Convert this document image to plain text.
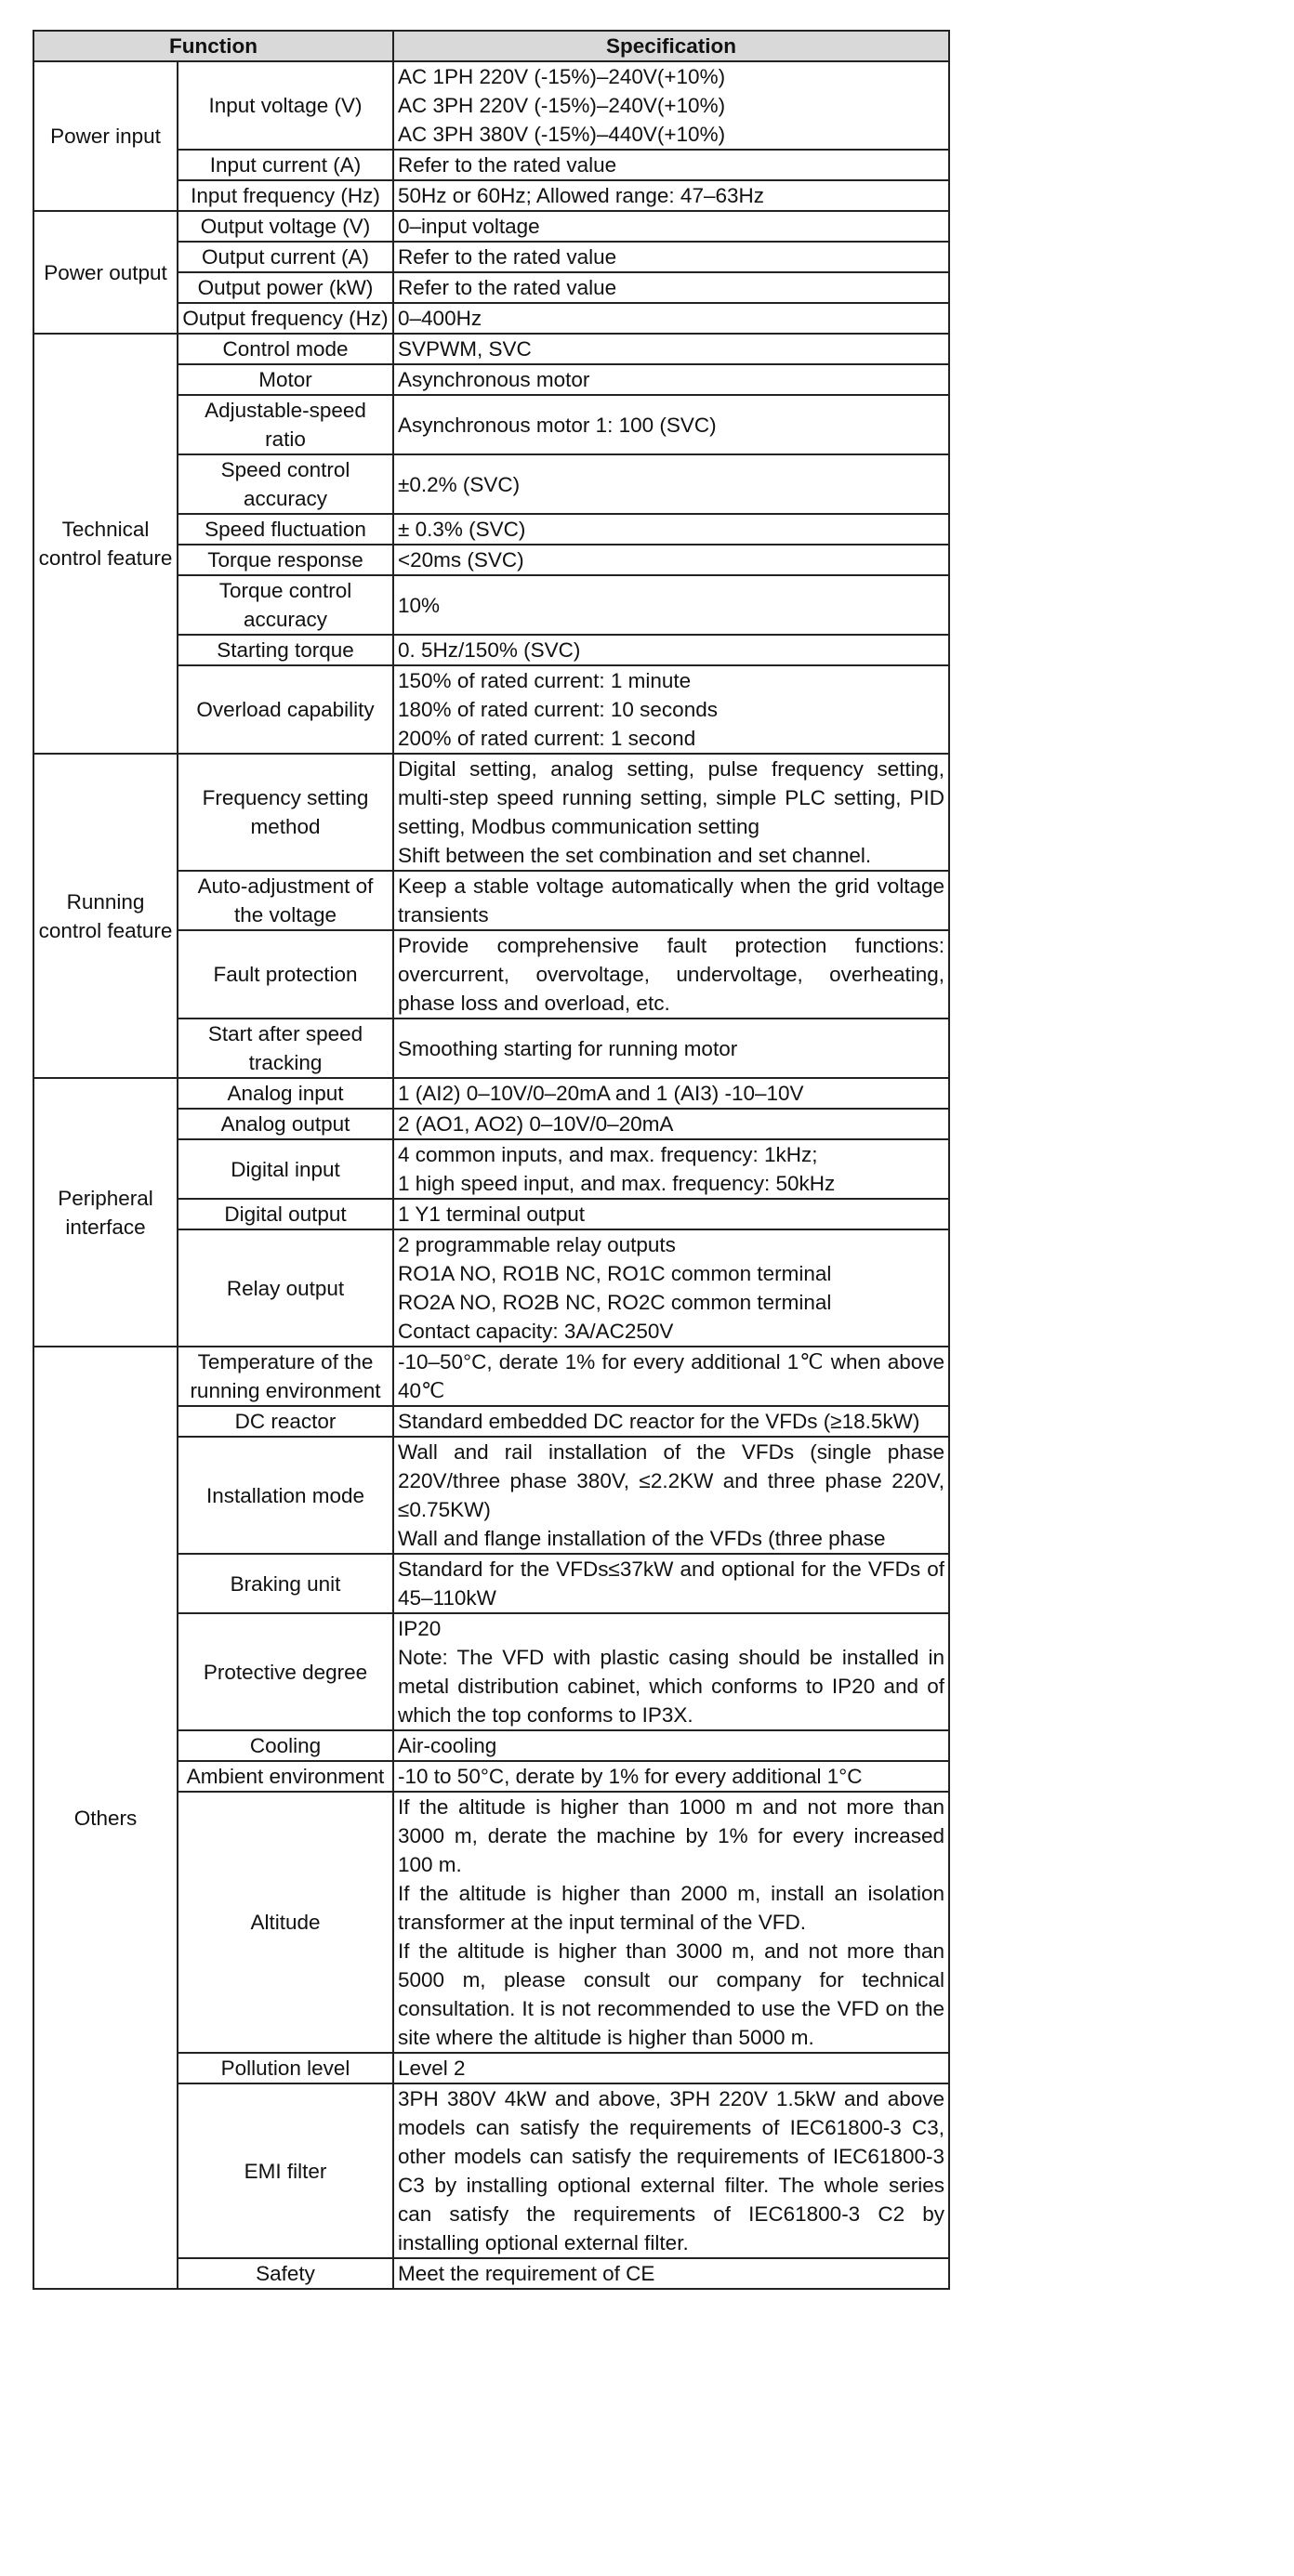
Function		Specification
Power input	Input voltage (V)	AC 1PH 220V (-15%)–240V(+10%)
AC 3PH 220V (-15%)–240V(+10%)
AC 3PH 380V (-15%)–440V(+10%)

	Input current (A)	Refer to the rated value

	Input frequency (Hz)	50Hz or 60Hz; Allowed range: 47–63Hz

Power output	Output voltage (V)	0–input voltage

	Output current (A)	Refer to the rated value

	Output power (kW)	Refer to the rated value

	Output frequency (Hz)	0–400Hz

Technical control feature	Control mode	SVPWM, SVC

	Motor	Asynchronous motor

	Adjustable-speed ratio	Asynchronous motor 1: 100 (SVC)

	Speed control accuracy	±0.2% (SVC)

	Speed fluctuation	± 0.3% (SVC)

	Torque response	<20ms (SVC)

	Torque control accuracy	10%

	Starting torque	0. 5Hz/150% (SVC)

	Overload capability	150% of rated current: 1 minute
180% of rated current: 10 seconds
200% of rated current: 1 second

Running control feature	Frequency setting method	Digital setting, analog setting, pulse frequency setting, multi-step speed running setting, simple PLC setting, PID setting, Modbus communication setting
Shift between the set combination and set channel.

	Auto-adjustment of the voltage	Keep a stable voltage automatically when the grid voltage transients

	Fault protection	Provide comprehensive fault protection functions: overcurrent, overvoltage, undervoltage, overheating, phase loss and overload, etc.

	Start after speed tracking	Smoothing starting for running motor

Peripheral interface	Analog input	1 (AI2) 0–10V/0–20mA and 1 (AI3) -10–10V

	Analog output	2 (AO1, AO2) 0–10V/0–20mA

	Digital input	4 common inputs, and max. frequency: 1kHz;
1 high speed input, and max. frequency: 50kHz

	Digital output	1 Y1 terminal output

	Relay output	2 programmable relay outputs
RO1A NO, RO1B NC, RO1C common terminal
RO2A NO, RO2B NC, RO2C common terminal
Contact capacity: 3A/AC250V

Others	Temperature of the running environment	-10–50°C, derate 1% for every additional 1℃ when above 40℃

	DC reactor	Standard embedded DC reactor for the VFDs (≥18.5kW)

	Installation mode	Wall and rail installation of the VFDs (single phase 220V/three phase 380V, ≤2.2KW and three phase 220V, ≤0.75KW)
Wall and flange installation of the VFDs (three phase

	Braking unit	Standard for the VFDs≤37kW and optional for the VFDs of 45–110kW

	Protective degree	IP20
Note: The VFD with plastic casing should be installed in metal distribution cabinet, which conforms to IP20 and of which the top conforms to IP3X.

	Cooling	Air-cooling

	Ambient environment	-10 to 50°C, derate by 1% for every additional 1°C

	Altitude	If the altitude is higher than 1000 m and not more than 3000 m, derate the machine by 1% for every increased 100 m.
If the altitude is higher than 2000 m, install an isolation transformer at the input terminal of the VFD.
If the altitude is higher than 3000 m, and not more than 5000 m, please consult our company for technical consultation. It is not recommended to use the VFD on the site where the altitude is higher than 5000 m.

	Pollution level	Level 2

	EMI filter	3PH 380V 4kW and above, 3PH 220V 1.5kW and above models can satisfy the requirements of IEC61800-3 C3, other models can satisfy the requirements of IEC61800-3 C3 by installing optional external filter. The whole series can satisfy the requirements of IEC61800-3 C2 by installing optional external filter.

	Safety	Meet the requirement of CE
